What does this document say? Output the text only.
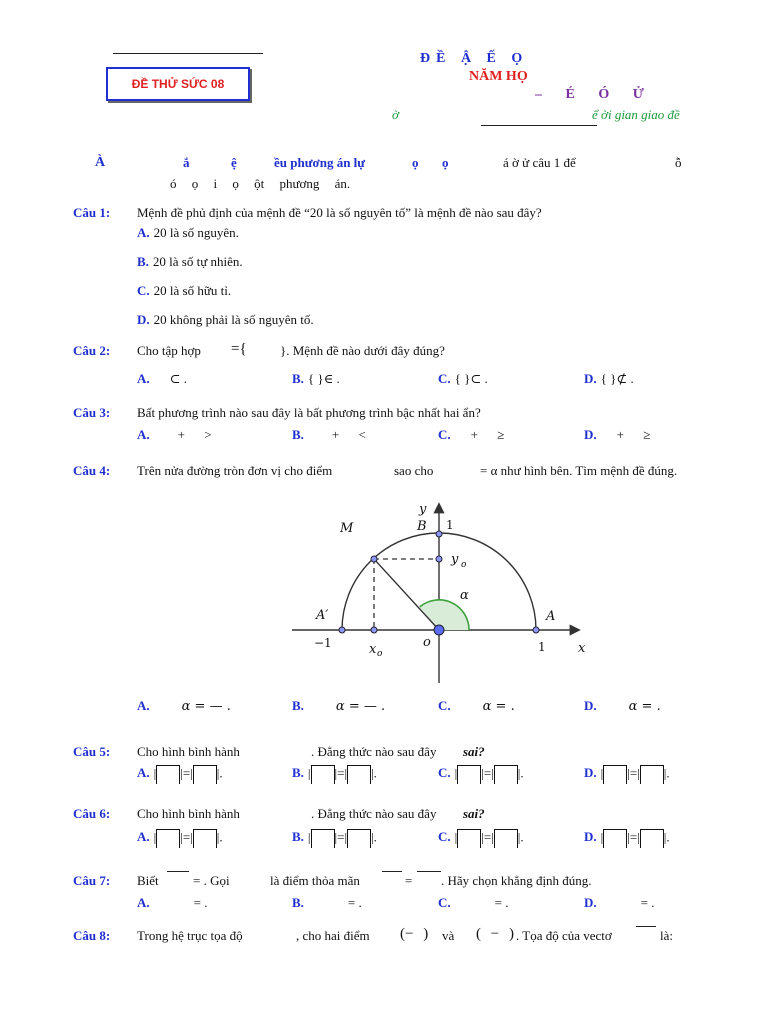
ĐỀ THỬ SỨC 08
ĐỀ Ậ Ế Ọ
NĂM HỌ
– É Ó Ử
ờ	ể ời gian giao đề
À	ắ	ệ	ều phương án lự	ọ ọ	á ờ ử câu 1 để	ỗ
ó ọ i ọ ột phương án.
Câu 1: Mệnh đề phủ định của mệnh đề “20 là số nguyên tố” là mệnh đề nào sau đây?
A. 20 là số nguyên.
B. 20 là số tự nhiên.
C. 20 là số hữu tỉ.
D. 20 không phải là số nguyên tố.
Câu 2: Cho tập hợp ={	}. Mệnh đề nào dưới đây đúng?
A. ⊂ .	B. { }∈ .	C. { }⊂ .	D. { }⊄ .
Câu 3: Bất phương trình nào sau đây là bất phương trình bậc nhất hai ẩn?
A. + >	B. + <	C. + ≥	D. + ≥
Câu 4: Trên nửa đường tròn đơn vị cho điểm	sao cho	= α như hình bên. Tìm mệnh đề đúng.
y
B
M
y o
α
A′	A
x o
o	x
1
−1	1
A. α = — .	B. α = — .	C. α = .	D. α = .
Câu 5: Cho hình bình hành	. Đẳng thức nào sau đây sai?
A. | |=| |.	B. | |=| |.	C. | |=| |.	D. | |=| |.
Câu 6: Cho hình bình hành	. Đẳng thức nào sau đây sai?
A. | |=| |.	B. | |=| |.	C. | |=| |.	D. | |=| |.
Câu 7: Biết	= . Gọi	là điểm thỏa mãn	= . Hãy chọn khẳng định đúng.
A.	= .	B.	= .	C.	= .	D.	= .
Câu 8: Trong hệ trục tọa độ	, cho hai điểm (− ) và ( − ) . Tọa độ của vectơ	là:
